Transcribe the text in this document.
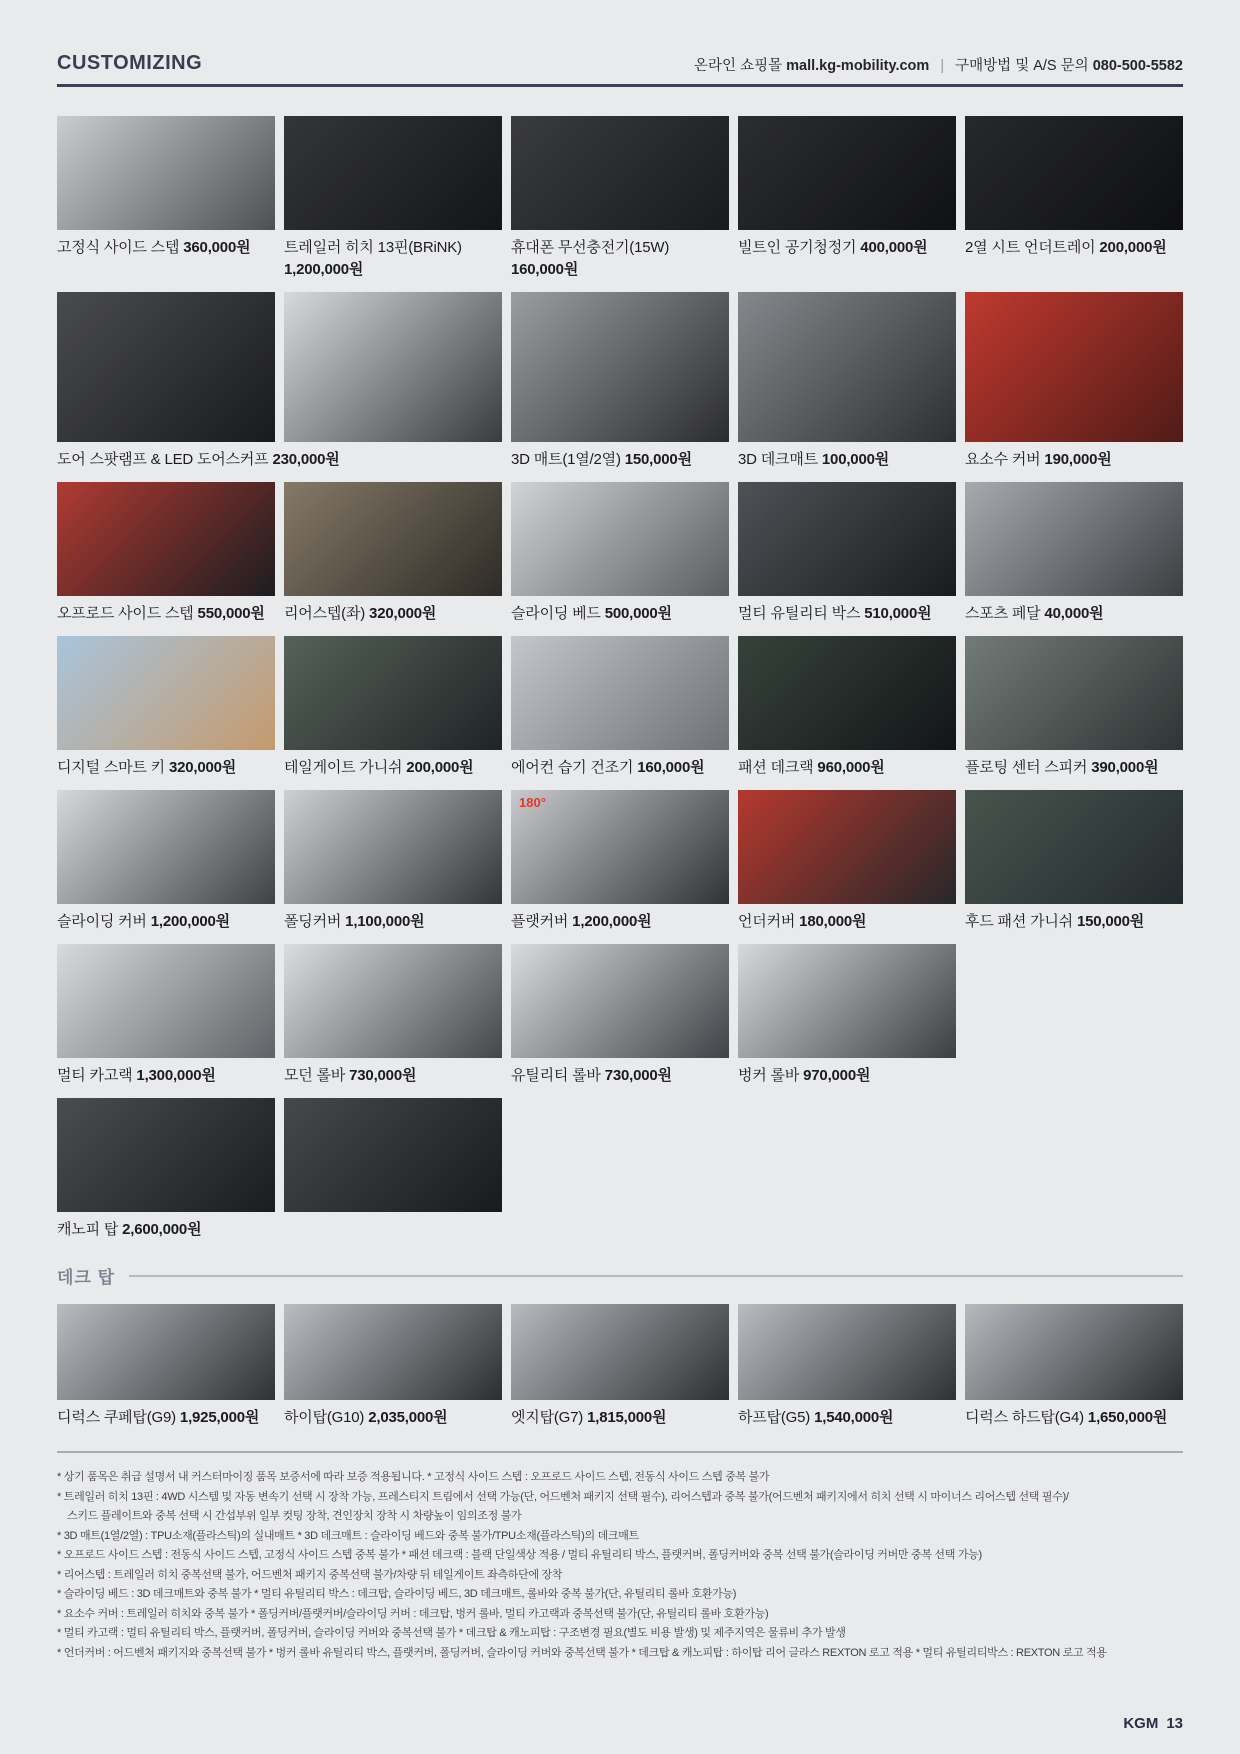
CUSTOMIZING	온라인 쇼핑몰 mall.kg-mobility.com | 구매방법 및 A/S 문의 080-500-5582
고정식 사이드 스텝 360,000원	트레일러 히치 13핀(BRiNK)
1,200,000원
휴대폰 무선충전기(15W)
160,000원
빌트인 공기청정기 400,000원	2열 시트 언더트레이 200,000원
도어 스팟램프 & LED 도어스커프 230,000원	3D 매트(1열/2열) 150,000원	3D 데크매트 100,000원	요소수 커버 190,000원
오프로드 사이드 스텝 550,000원	리어스텝(좌) 320,000원	슬라이딩 베드 500,000원	멀티 유틸리티 박스 510,000원	스포츠 페달 40,000원
디지털 스마트 키 320,000원	테일게이트 가니쉬 200,000원	에어컨 습기 건조기 160,000원	패션 데크랙 960,000원	플로팅 센터 스피커 390,000원
슬라이딩 커버 1,200,000원	폴딩커버 1,100,000원
180°
플랫커버 1,200,000원	언더커버 180,000원	후드 패션 가니쉬 150,000원
멀티 카고랙 1,300,000원	모던 롤바 730,000원	유틸리티 롤바 730,000원	벙커 롤바 970,000원
캐노피 탑 2,600,000원
데크 탑
디럭스 쿠페탑(G9) 1,925,000원	하이탑(G10) 2,035,000원	엣지탑(G7) 1,815,000원	하프탑(G5) 1,540,000원	디럭스 하드탑(G4) 1,650,000원
* 상기 품목은 취급 설명서 내 커스터마이징 품목 보증서에 따라 보증 적용됩니다. * 고정식 사이드 스텝 : 오프로드 사이드 스텝, 전동식 사이드 스텝 중복 불가
* 트레일러 히치 13핀 : 4WD 시스템 및 자동 변속기 선택 시 장착 가능, 프레스티지 트림에서 선택 가능(단, 어드벤처 패키지 선택 필수), 리어스텝과 중복 불가(어드벤처 패키지에서 히치 선택 시 마이너스 리어스텝 선택 필수)/
스키드 플레이트와 중복 선택 시 간섭부위 일부 컷팅 장착, 견인장치 장착 시 차량높이 임의조정 불가
* 3D 매트(1열/2열) : TPU소재(플라스틱)의 실내매트 * 3D 데크매트 : 슬라이딩 베드와 중복 불가/TPU소재(플라스틱)의 데크매트
* 오프로드 사이드 스텝 : 전동식 사이드 스텝, 고정식 사이드 스텝 중복 불가 * 패션 데크랙 : 블랙 단일색상 적용 / 멀티 유틸리티 박스, 플랫커버, 폴딩커버와 중복 선택 불가(슬라이딩 커버만 중복 선택 가능)
* 리어스텝 : 트레일러 히치 중복선택 불가, 어드벤처 패키지 중복선택 불가/차량 뒤 테일게이트 좌측하단에 장착
* 슬라이딩 베드 : 3D 데크매트와 중복 불가 * 멀티 유틸리티 박스 : 데크탑, 슬라이딩 베드, 3D 데크매트, 롤바와 중복 불가(단, 유틸리티 롤바 호환가능)
* 요소수 커버 : 트레일러 히치와 중복 불가 * 폴딩커버/플랫커버/슬라이딩 커버 : 데크탑, 벙커 롤바, 멀티 카고랙과 중복선택 불가(단, 유틸리티 롤바 호환가능)
* 멀티 카고랙 : 멀티 유틸리티 박스, 플랫커버, 폴딩커버, 슬라이딩 커버와 중복선택 불가 * 데크탑 & 캐노피탑 : 구조변경 필요(별도 비용 발생) 및 제주지역은 물류비 추가 발생
* 언더커버 : 어드벤처 패키지와 중복선택 불가 * 벙커 롤바 유틸리티 박스, 플랫커버, 폴딩커버, 슬라이딩 커버와 중복선택 불가 * 데크탑 & 캐노피탑 : 하이탑 리어 글라스 REXTON 로고 적용 * 멀티 유틸리티박스 : REXTON 로고 적용
KGM 13
